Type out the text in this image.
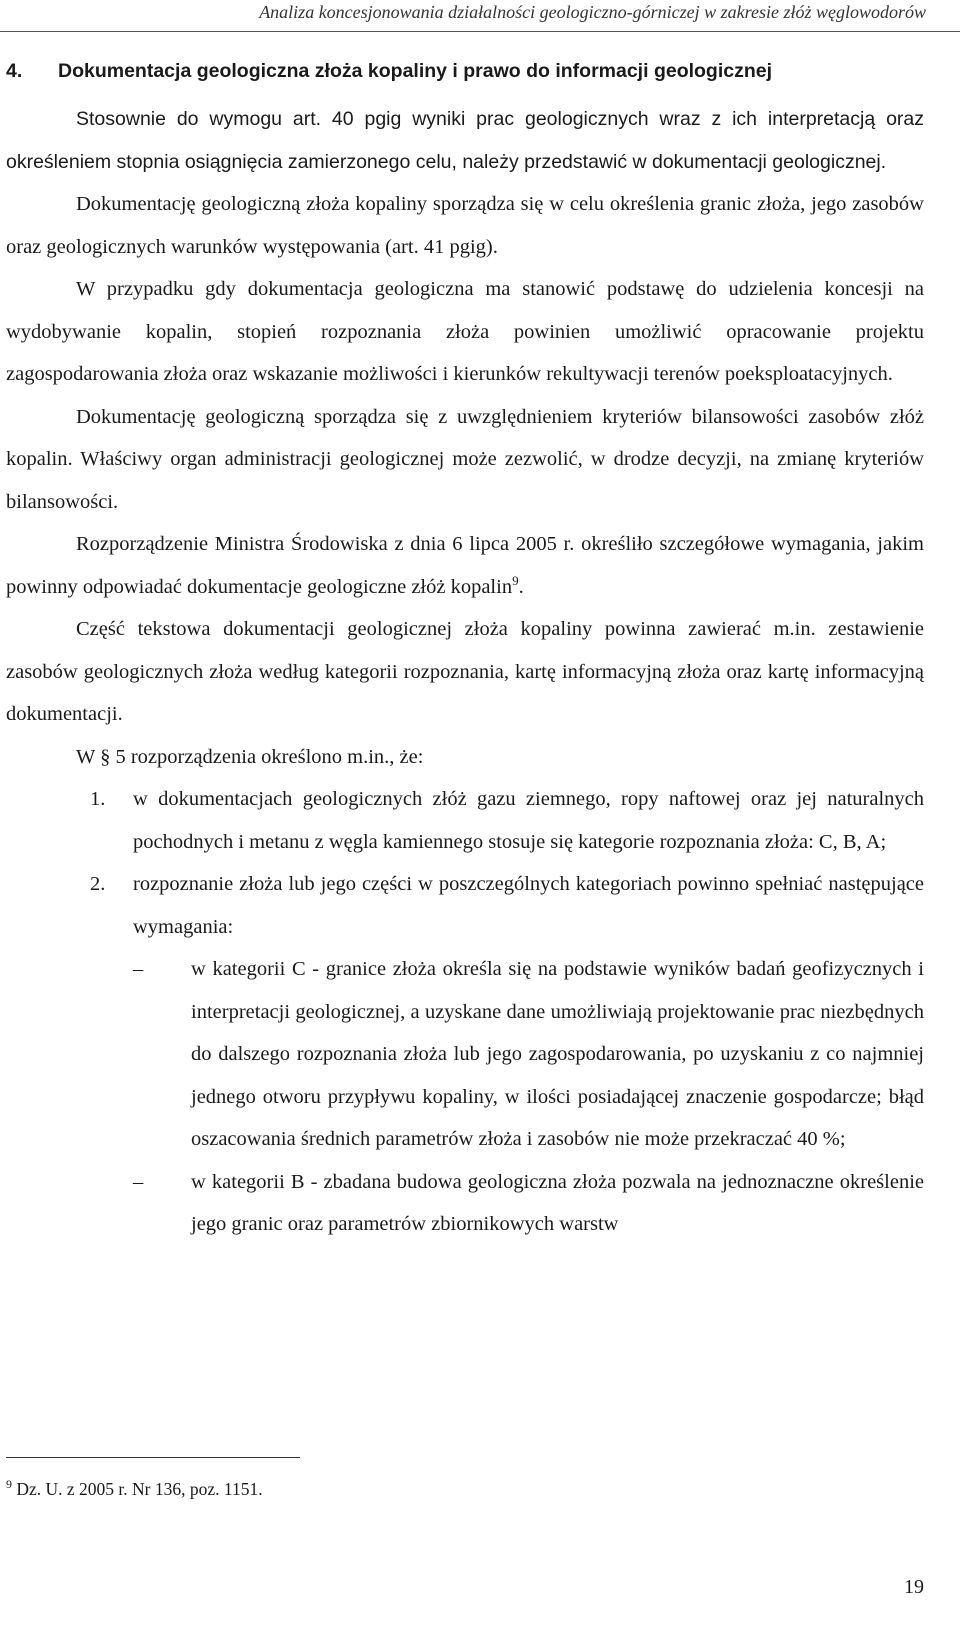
Analiza koncesjonowania działalności geologiczno-górniczej w zakresie złóż węglowodorów
4. Dokumentacja geologiczna złoża kopaliny i prawo do informacji geologicznej

Stosownie do wymogu art. 40 pgig wyniki prac geologicznych wraz z ich interpretacją oraz określeniem stopnia osiągnięcia zamierzonego celu, należy przedstawić w dokumentacji geologicznej.

Dokumentację geologiczną złoża kopaliny sporządza się w celu określenia granic złoża, jego zasobów oraz geologicznych warunków występowania (art. 41 pgig).

W przypadku gdy dokumentacja geologiczna ma stanowić podstawę do udzielenia koncesji na wydobywanie kopalin, stopień rozpoznania złoża powinien umożliwić opracowanie projektu zagospodarowania złoża oraz wskazanie możliwości i kierunków rekultywacji terenów poeksploatacyjnych.

Dokumentację geologiczną sporządza się z uwzględnieniem kryteriów bilansowości zasobów złóż kopalin. Właściwy organ administracji geologicznej może zezwolić, w drodze decyzji, na zmianę kryteriów bilansowości.

Rozporządzenie Ministra Środowiska z dnia 6 lipca 2005 r. określiło szczegółowe wymagania, jakim powinny odpowiadać dokumentacje geologiczne złóż kopalin$^9$.

Część tekstowa dokumentacji geologicznej złoża kopaliny powinna zawierać m.in. zestawienie zasobów geologicznych złoża według kategorii rozpoznania, kartę informacyjną złoża oraz kartę informacyjną dokumentacji.

W § 5 rozporządzenia określono m.in., że:

1. w dokumentacjach geologicznych złóż gazu ziemnego, ropy naftowej oraz jej naturalnych pochodnych i metanu z węgla kamiennego stosuje się kategorie rozpoznania złoża: C, B, A;
2. rozpoznanie złoża lub jego części w poszczególnych kategoriach powinno spełniać następujące wymagania:
– w kategorii C - granice złoża określa się na podstawie wyników badań geofizycznych i interpretacji geologicznej, a uzyskane dane umożliwiają projektowanie prac niezbędnych do dalszego rozpoznania złoża lub jego zagospodarowania, po uzyskaniu z co najmniej jednego otworu przypływu kopaliny, w ilości posiadającej znaczenie gospodarcze; błąd oszacowania średnich parametrów złoża i zasobów nie może przekraczać 40 %;
– w kategorii B - zbadana budowa geologiczna złoża pozwala na jednoznaczne określenie jego granic oraz parametrów zbiornikowych warstw
$^9$ Dz. U. z 2005 r. Nr 136, poz. 1151.
19
